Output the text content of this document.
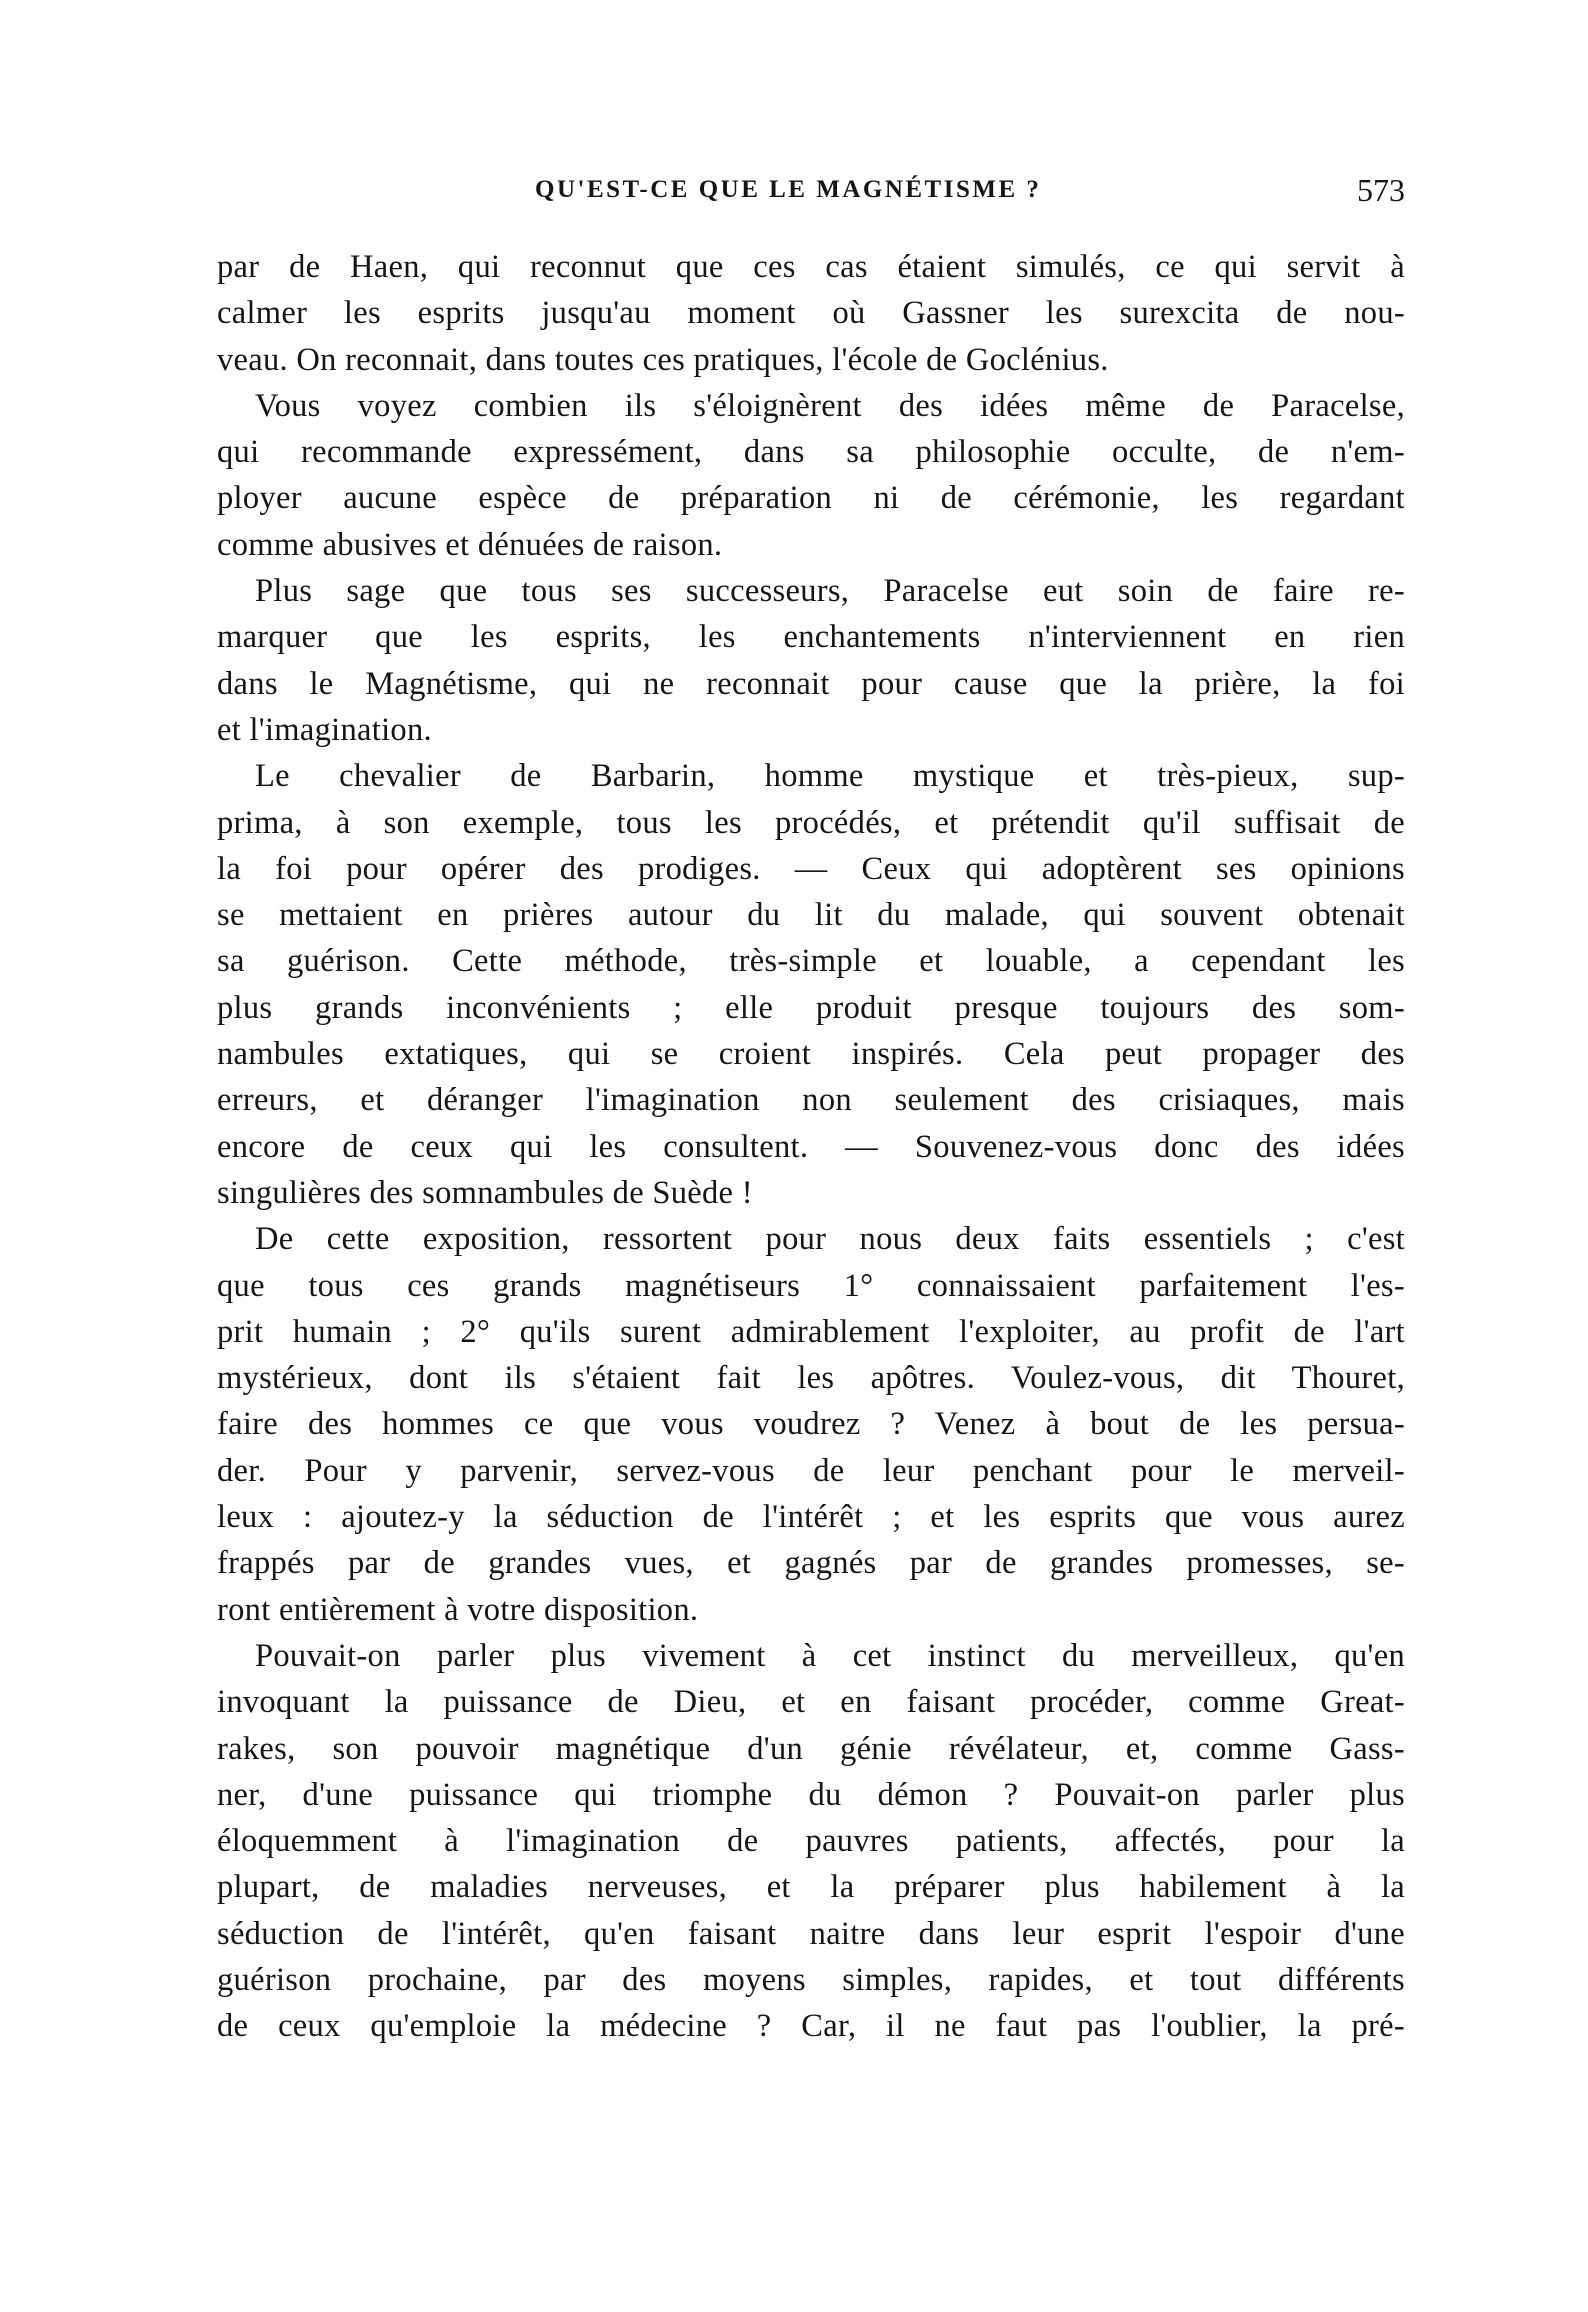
QU'EST-CE QUE LE MAGNÉTISME ?	573
par de Haen, qui reconnut que ces cas étaient simulés, ce qui servit à
calmer les esprits jusqu'au moment où Gassner les surexcita de nou-
veau. On reconnait, dans toutes ces pratiques, l'école de Goclénius.
Vous voyez combien ils s'éloignèrent des idées même de Paracelse,
qui recommande expressément, dans sa philosophie occulte, de n'em-
ployer aucune espèce de préparation ni de cérémonie, les regardant
comme abusives et dénuées de raison.
Plus sage que tous ses successeurs, Paracelse eut soin de faire re-
marquer que les esprits, les enchantements n'interviennent en rien
dans le Magnétisme, qui ne reconnait pour cause que la prière, la foi
et l'imagination.
Le chevalier de Barbarin, homme mystique et très-pieux, sup-
prima, à son exemple, tous les procédés, et prétendit qu'il suffisait de
la foi pour opérer des prodiges. — Ceux qui adoptèrent ses opinions
se mettaient en prières autour du lit du malade, qui souvent obtenait
sa guérison. Cette méthode, très-simple et louable, a cependant les
plus grands inconvénients ; elle produit presque toujours des som-
nambules extatiques, qui se croient inspirés. Cela peut propager des
erreurs, et déranger l'imagination non seulement des crisiaques, mais
encore de ceux qui les consultent. — Souvenez-vous donc des idées
singulières des somnambules de Suède !
De cette exposition, ressortent pour nous deux faits essentiels ; c'est
que tous ces grands magnétiseurs 1° connaissaient parfaitement l'es-
prit humain ; 2° qu'ils surent admirablement l'exploiter, au profit de l'art
mystérieux, dont ils s'étaient fait les apôtres. Voulez-vous, dit Thouret,
faire des hommes ce que vous voudrez ? Venez à bout de les persua-
der. Pour y parvenir, servez-vous de leur penchant pour le merveil-
leux : ajoutez-y la séduction de l'intérêt ; et les esprits que vous aurez
frappés par de grandes vues, et gagnés par de grandes promesses, se-
ront entièrement à votre disposition.
Pouvait-on parler plus vivement à cet instinct du merveilleux, qu'en
invoquant la puissance de Dieu, et en faisant procéder, comme Great-
rakes, son pouvoir magnétique d'un génie révélateur, et, comme Gass-
ner, d'une puissance qui triomphe du démon ? Pouvait-on parler plus
éloquemment à l'imagination de pauvres patients, affectés, pour la
plupart, de maladies nerveuses, et la préparer plus habilement à la
séduction de l'intérêt, qu'en faisant naitre dans leur esprit l'espoir d'une
guérison prochaine, par des moyens simples, rapides, et tout différents
de ceux qu'emploie la médecine ? Car, il ne faut pas l'oublier, la pré-
